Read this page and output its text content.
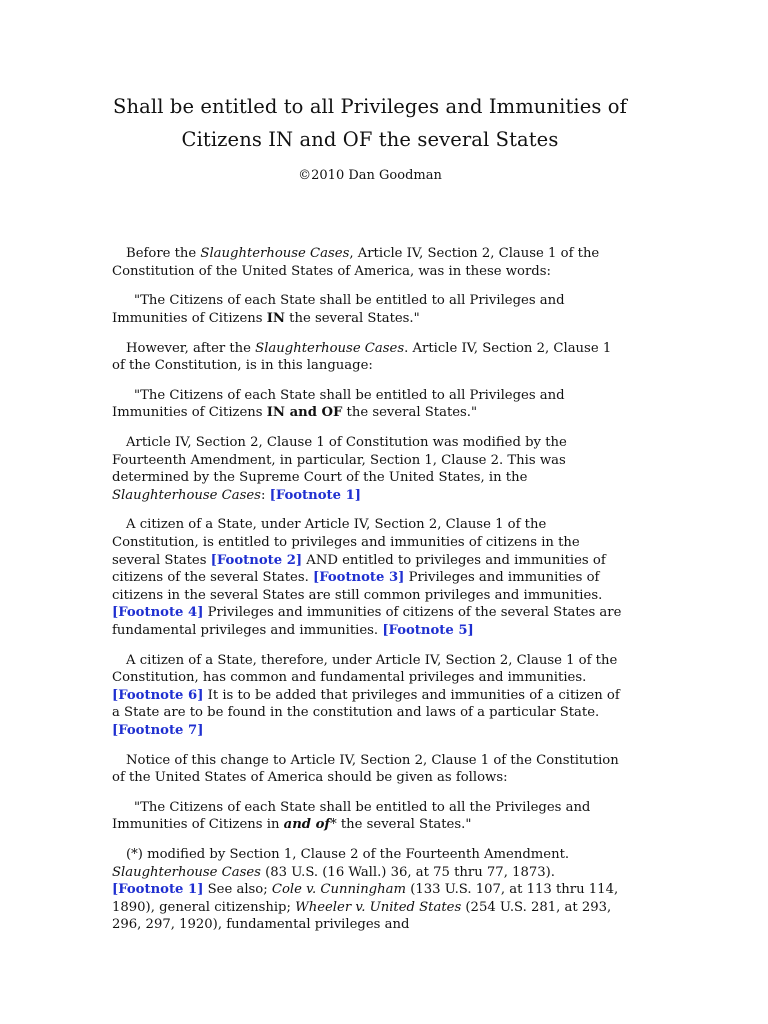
Shall be entitled to all Privileges and Immunities of
Citizens IN and OF the several States

©2010 Dan Goodman

Before the Slaughterhouse Cases, Article IV, Section 2, Clause 1 of the Constitution of the United States of America, was in these words:

"The Citizens of each State shall be entitled to all Privileges and Immunities of Citizens IN the several States."

However, after the Slaughterhouse Cases. Article IV, Section 2, Clause 1 of the Constitution, is in this language:

"The Citizens of each State shall be entitled to all Privileges and Immunities of Citizens IN and OF the several States."

Article IV, Section 2, Clause 1 of Constitution was modified by the Fourteenth Amendment, in particular, Section 1, Clause 2. This was determined by the Supreme Court of the United States, in the Slaughterhouse Cases: [Footnote 1]

A citizen of a State, under Article IV, Section 2, Clause 1 of the Constitution, is entitled to privileges and immunities of citizens in the several States [Footnote 2] AND entitled to privileges and immunities of citizens of the several States. [Footnote 3] Privileges and immunities of citizens in the several States are still common privileges and immunities. [Footnote 4] Privileges and immunities of citizens of the several States are fundamental privileges and immunities. [Footnote 5]

A citizen of a State, therefore, under Article IV, Section 2, Clause 1 of the Constitution, has common and fundamental privileges and immunities. [Footnote 6] It is to be added that privileges and immunities of a citizen of a State are to be found in the constitution and laws of a particular State. [Footnote 7]

Notice of this change to Article IV, Section 2, Clause 1 of the Constitution of the United States of America should be given as follows:

"The Citizens of each State shall be entitled to all the Privileges and Immunities of Citizens in and of* the several States."

(*) modified by Section 1, Clause 2 of the Fourteenth Amendment. Slaughterhouse Cases (83 U.S. (16 Wall.) 36, at 75 thru 77, 1873). [Footnote 1] See also; Cole v. Cunningham (133 U.S. 107, at 113 thru 114, 1890), general citizenship; Wheeler v. United States (254 U.S. 281, at 293, 296, 297, 1920), fundamental privileges and
